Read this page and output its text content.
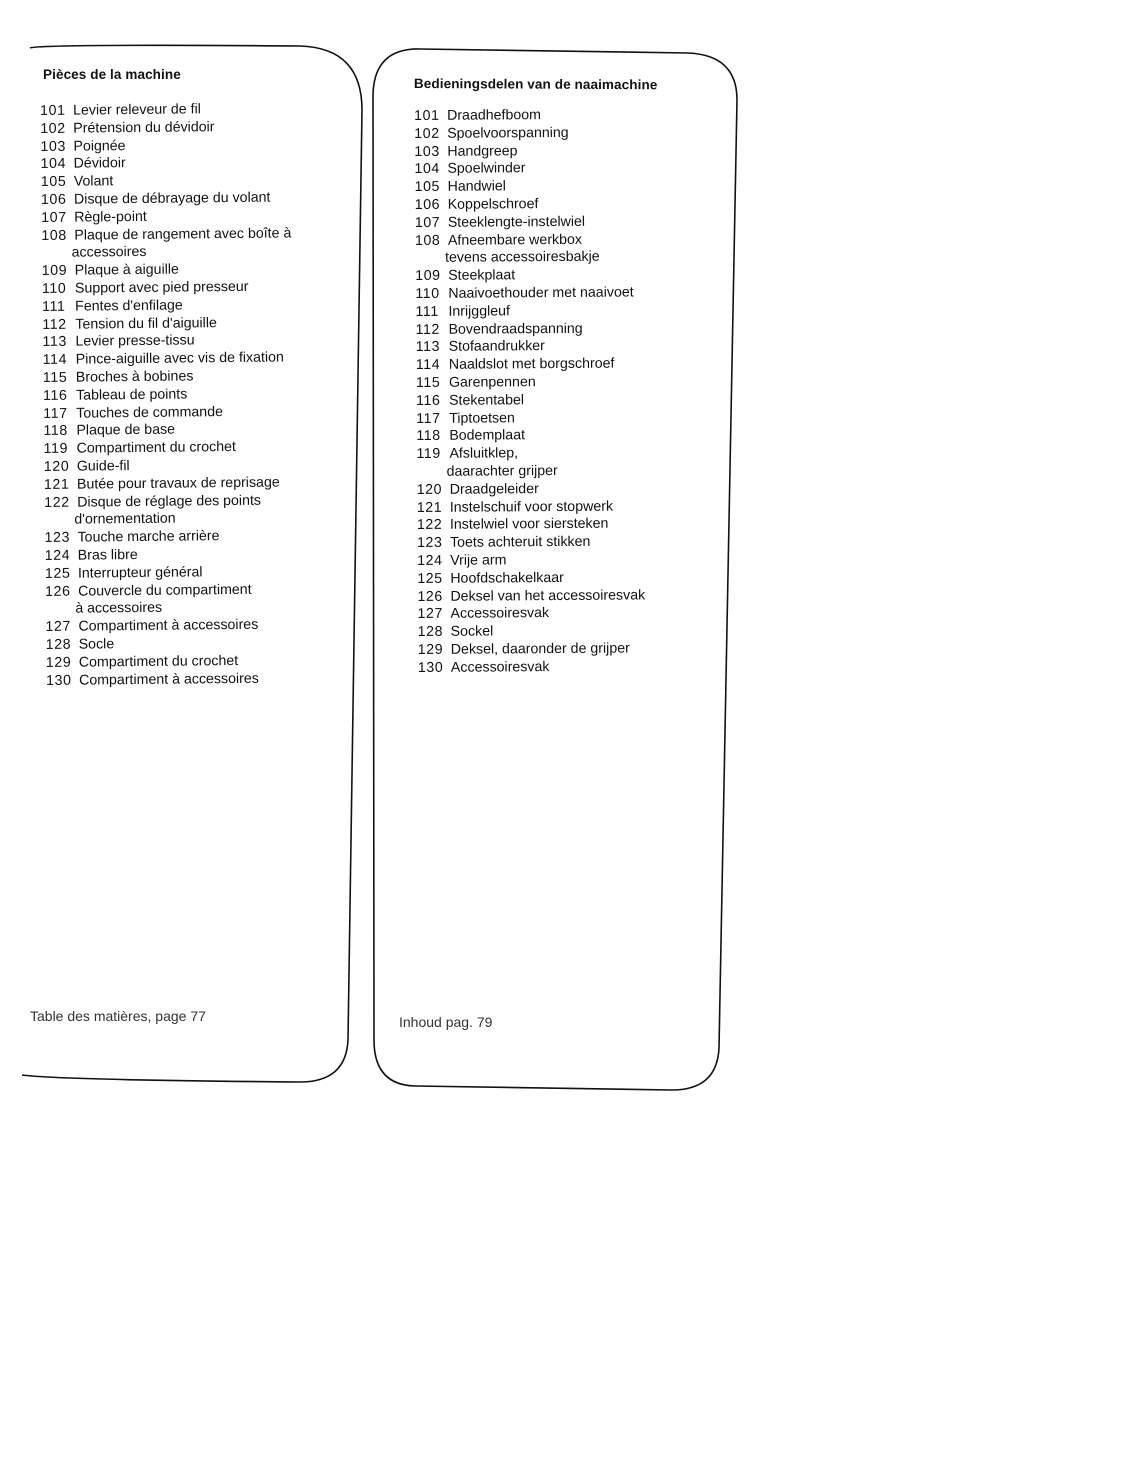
Pièces de la machine
101 Levier releveur de fil
102 Prétension du dévidoir
103 Poignée
104 Dévidoir
105 Volant
106 Disque de débrayage du volant
107 Règle-point
108 Plaque de rangement avec boîte à
accessoires
109 Plaque à aiguille
110 Support avec pied presseur
111 Fentes d'enfilage
112 Tension du fil d'aiguille
113 Levier presse-tissu
114 Pince-aiguille avec vis de fixation
115 Broches à bobines
116 Tableau de points
117 Touches de commande
118 Plaque de base
119 Compartiment du crochet
120 Guide-fil
121 Butée pour travaux de reprisage
122 Disque de réglage des points
d'ornementation
123 Touche marche arrière
124 Bras libre
125 Interrupteur général
126 Couvercle du compartiment
à accessoires
127 Compartiment à accessoires
128 Socle
129 Compartiment du crochet
130 Compartiment à accessoires
Table des matières, page 77
Bedieningsdelen van de naaimachine
101 Draadhefboom
102 Spoelvoorspanning
103 Handgreep
104 Spoelwinder
105 Handwiel
106 Koppelschroef
107 Steeklengte-instelwiel
108 Afneembare werkbox
tevens accessoiresbakje
109 Steekplaat
110 Naaivoethouder met naaivoet
111 Inrijggleuf
112 Bovendraadspanning
113 Stofaandrukker
114 Naaldslot met borgschroef
115 Garenpennen
116 Stekentabel
117 Tiptoetsen
118 Bodemplaat
119 Afsluitklep,
daarachter grijper
120 Draadgeleider
121 Instelschuif voor stopwerk
122 Instelwiel voor siersteken
123 Toets achteruit stikken
124 Vrije arm
125 Hoofdschakelkaar
126 Deksel van het accessoiresvak
127 Accessoiresvak
128 Sockel
129 Deksel, daaronder de grijper
130 Accessoiresvak
Inhoud pag. 79
